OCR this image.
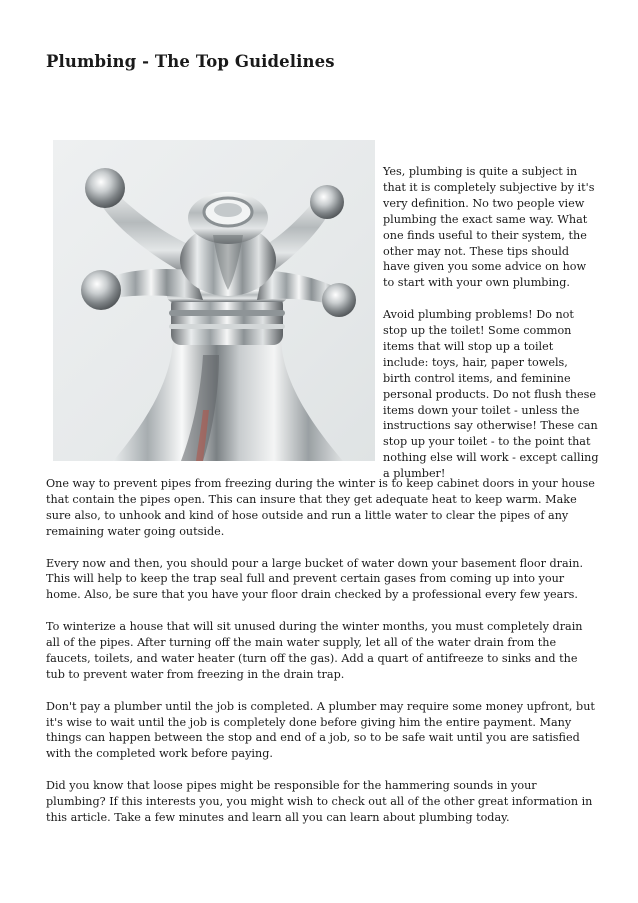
Plumbing - The Top Guidelines

Yes, plumbing is quite a subject in that it is completely subjective by it's very definition. No two people view plumbing the exact same way. What one finds useful to their system, the other may not. These tips should have given you some advice on how to start with your own plumbing.

Avoid plumbing problems! Do not stop up the toilet! Some common items that will stop up a toilet include: toys, hair, paper towels, birth control items, and feminine personal products. Do not flush these items down your toilet - unless the instructions say otherwise! These can stop up your toilet - to the point that nothing else will work - except calling a plumber!

One way to prevent pipes from freezing during the winter is to keep cabinet doors in your house that contain the pipes open. This can insure that they get adequate heat to keep warm. Make sure also, to unhook and kind of hose outside and run a little water to clear the pipes of any remaining water going outside.

Every now and then, you should pour a large bucket of water down your basement floor drain. This will help to keep the trap seal full and prevent certain gases from coming up into your home. Also, be sure that you have your floor drain checked by a professional every few years.

To winterize a house that will sit unused during the winter months, you must completely drain all of the pipes. After turning off the main water supply, let all of the water drain from the faucets, toilets, and water heater (turn off the gas). Add a quart of antifreeze to sinks and the tub to prevent water from freezing in the drain trap.

Don't pay a plumber until the job is completed. A plumber may require some money upfront, but it's wise to wait until the job is completely done before giving him the entire payment. Many things can happen between the stop and end of a job, so to be safe wait until you are satisfied with the completed work before paying.

Did you know that loose pipes might be responsible for the hammering sounds in your plumbing? If this interests you, you might wish to check out all of the other great information in this article. Take a few minutes and learn all you can learn about plumbing today.
